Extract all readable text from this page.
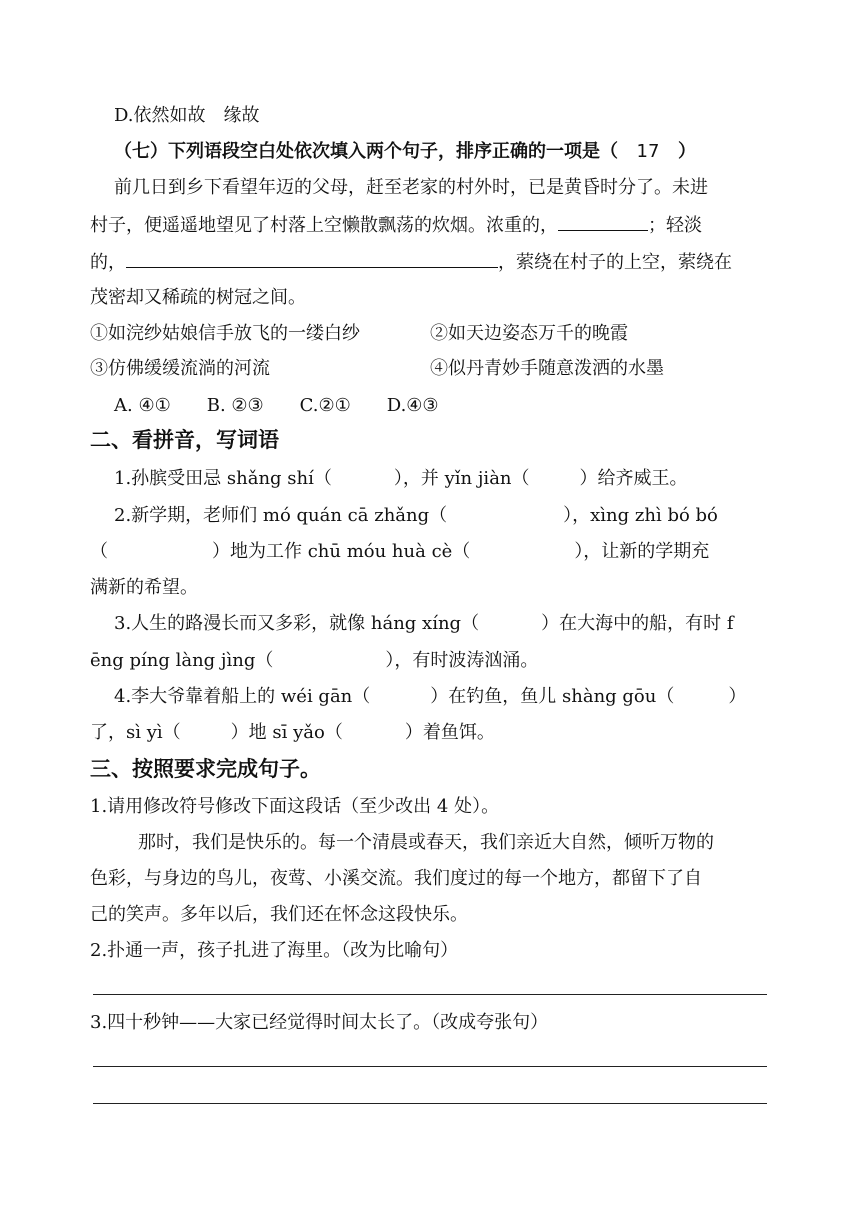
D.依然如故　缘故
（七）下列语段空白处依次填入两个句子，排序正确的一项是（ 17 ）
前几日到乡下看望年迈的父母，赶至老家的村外时，已是黄昏时分了。未进
村子，便遥遥地望见了村落上空懒散飘荡的炊烟。浓重的，	；轻淡
的，	，萦绕在村子的上空，萦绕在
茂密却又稀疏的树冠之间。
①如浣纱姑娘信手放飞的一缕白纱	②如天边姿态万千的晚霞
③仿佛缓缓流淌的河流	④似丹青妙手随意泼洒的水墨
A. ④①　　B. ②③　　C.②①　　D.④③
二、看拼音，写词语
1.孙膑受田忌 shǎng shí（	），并 yǐn jiàn（	）给齐威王。
2.新学期，老师们 mó quán cā zhǎng（	），xìng zhì bó bó
（	）地为工作 chū móu huà cè（	），让新的学期充
满新的希望。
3.人生的路漫长而又多彩，就像 háng xíng（	）在大海中的船，有时 f
ēng píng làng jìng（	），有时波涛汹涌。
4.李大爷靠着船上的 wéi gān（	）在钓鱼，鱼儿 shàng gōu（	）
了，sì yì（	）地 sī yǎo（	）着鱼饵。
三、按照要求完成句子。
1.请用修改符号修改下面这段话（至少改出 4 处）。
那时，我们是快乐的。每一个清晨或春天，我们亲近大自然，倾听万物的
色彩，与身边的鸟儿，夜莺、小溪交流。我们度过的每一个地方，都留下了自
己的笑声。多年以后，我们还在怀念这段快乐。
2.扑通一声，孩子扎进了海里。（改为比喻句）
3.四十秒钟——大家已经觉得时间太长了。（改成夸张句）
